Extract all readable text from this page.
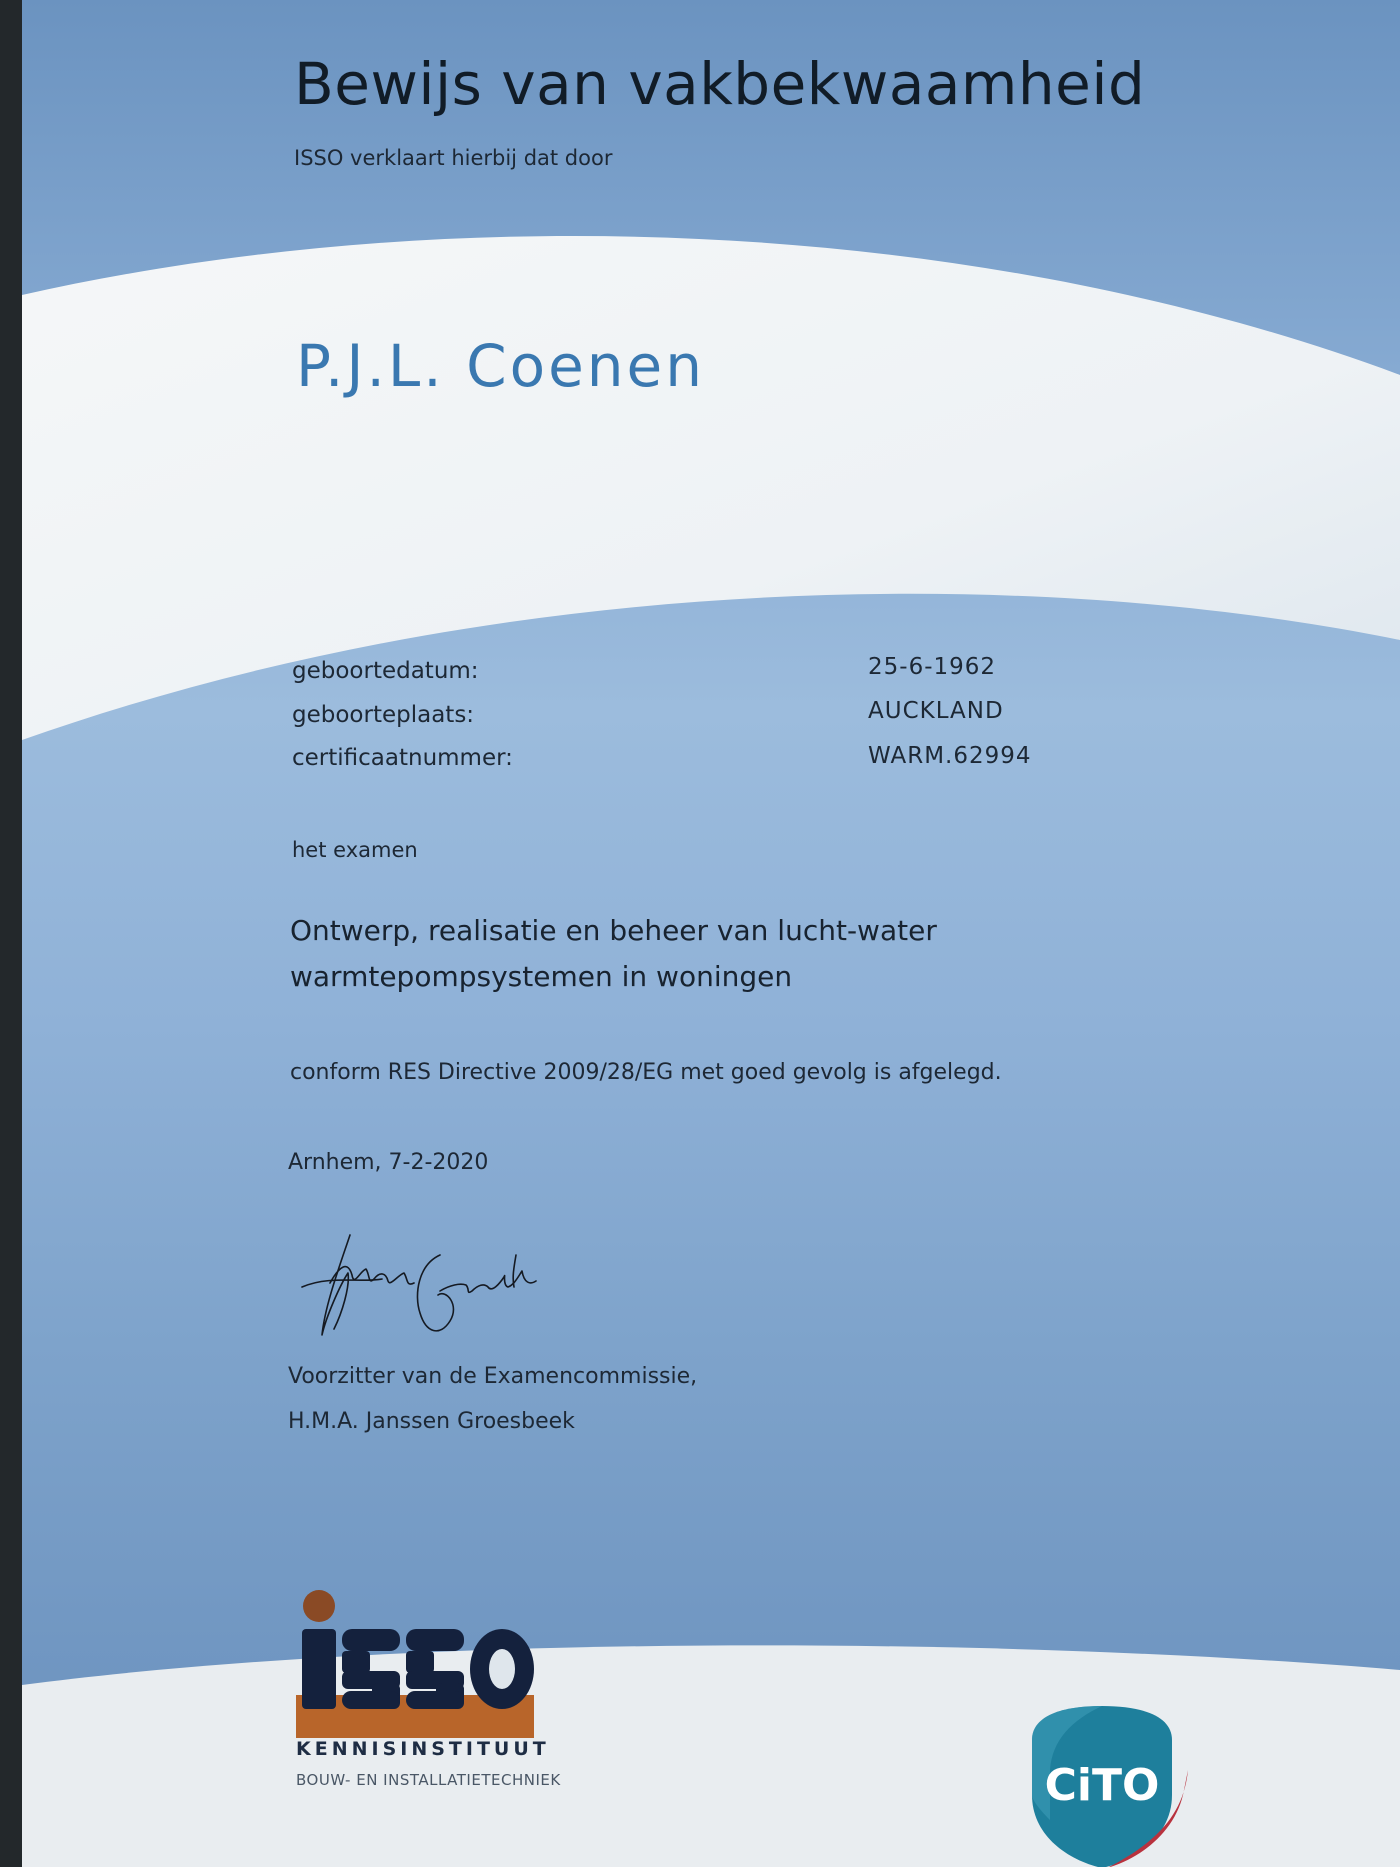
Bewijs van vakbekwaamheid
ISSO verklaart hierbij dat door
P.J.L. Coenen
geboortedatum:	25-6-1962
geboorteplaats:	AUCKLAND
certificaatnummer:	WARM.62994
het examen
Ontwerp, realisatie en beheer van lucht-water
warmtepompsystemen in woningen
conform RES Directive 2009/28/EG met goed gevolg is afgelegd.
Arnhem, 7-2-2020
Voorzitter van de Examencommissie,
H.M.A. Janssen Groesbeek
KENNISINSTITUUT
BOUW- EN INSTALLATIETECHNIEK	CiTO
